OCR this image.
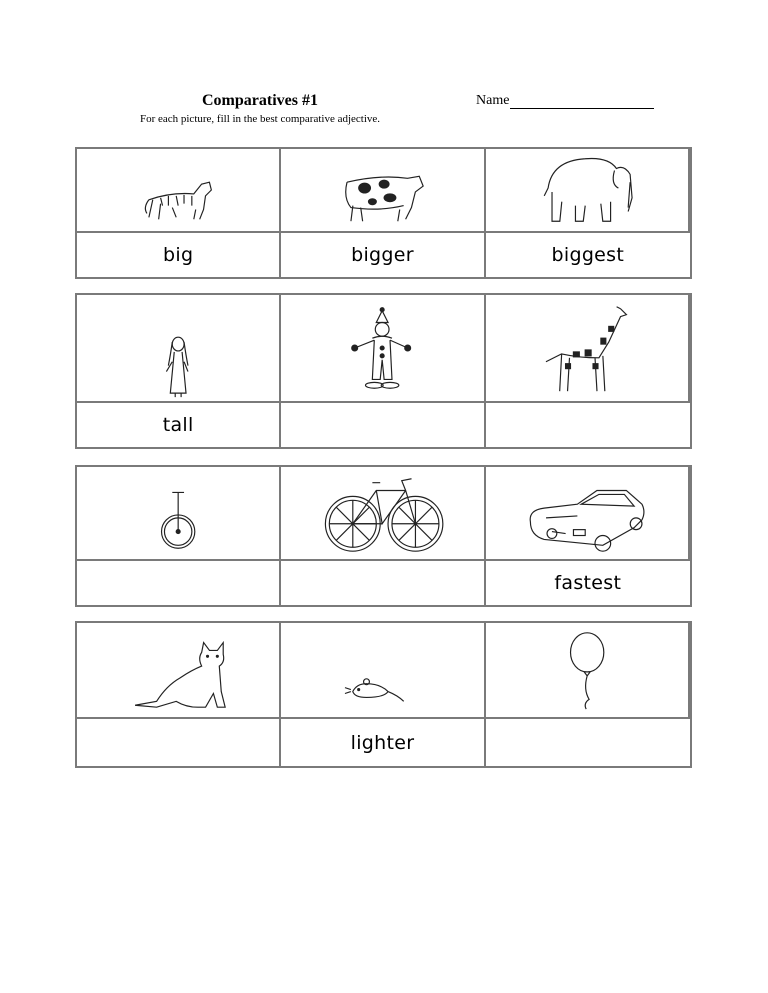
Comparatives #1
For each picture, fill in the best comparative adjective.
Name
big	bigger	biggest
tall
fastest
lighter
